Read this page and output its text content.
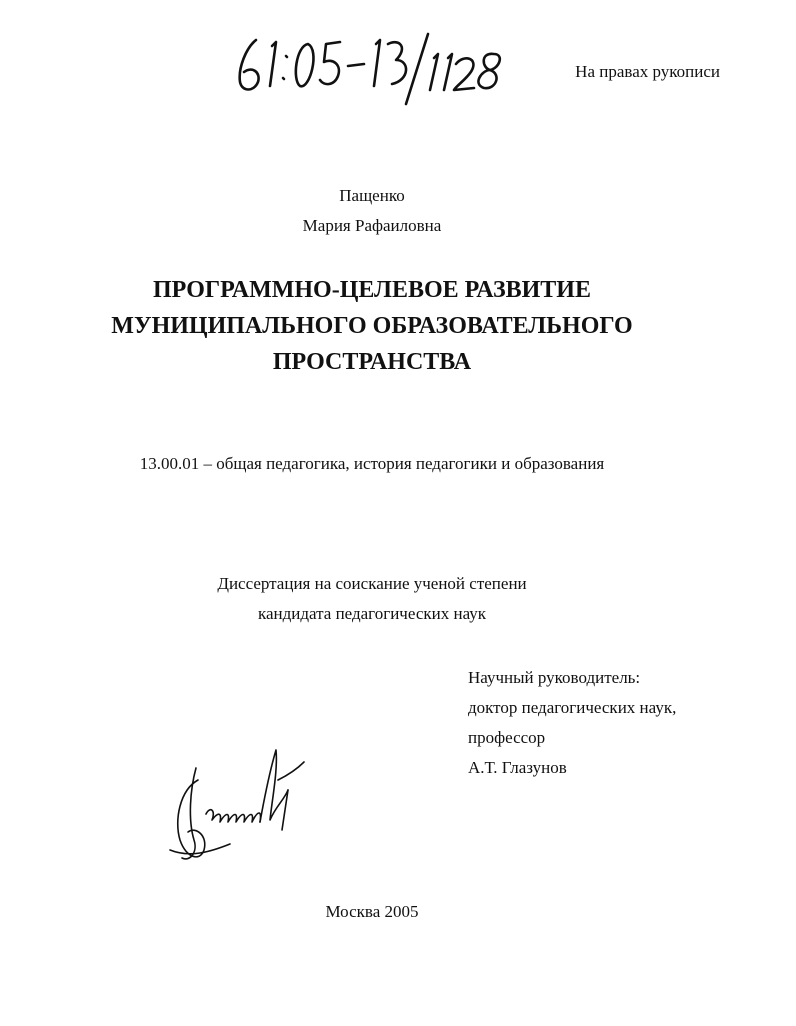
На правах рукописи
Пащенко
Мария Рафаиловна
ПРОГРАММНО-ЦЕЛЕВОЕ РАЗВИТИЕ
МУНИЦИПАЛЬНОГО ОБРАЗОВАТЕЛЬНОГО
ПРОСТРАНСТВА
13.00.01 – общая педагогика, история педагогики и образования
Диссертация на соискание ученой степени
кандидата педагогических наук
Научный руководитель:
доктор педагогических наук,
профессор
А.Т. Глазунов
Москва 2005
